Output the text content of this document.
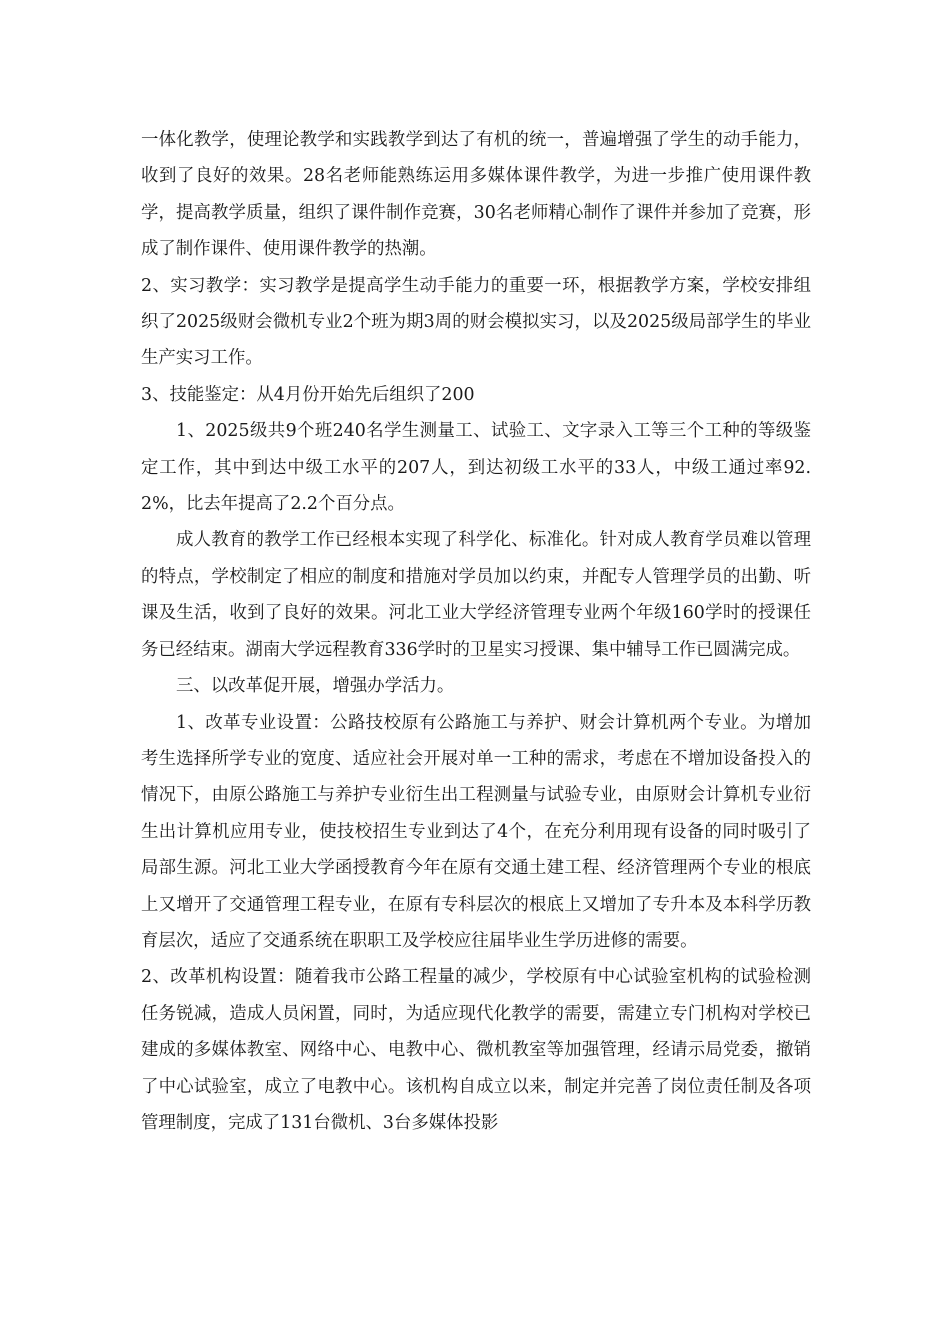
一体化教学，使理论教学和实践教学到达了有机的统一，普遍增强了学生的动手能力，收到了良好的效果。28名老师能熟练运用多媒体课件教学，为进一步推广使用课件教学，提高教学质量，组织了课件制作竞赛，30名老师精心制作了课件并参加了竞赛，形成了制作课件、使用课件教学的热潮。

2、实习教学：实习教学是提高学生动手能力的重要一环，根据教学方案，学校安排组织了2025级财会微机专业2个班为期3周的财会模拟实习，以及2025级局部学生的毕业生产实习工作。

3、技能鉴定：从4月份开始先后组织了200

1、2025级共9个班240名学生测量工、试验工、文字录入工等三个工种的等级鉴定工作，其中到达中级工水平的207人，到达初级工水平的33人，中级工通过率92.2%，比去年提高了2.2个百分点。

成人教育的教学工作已经根本实现了科学化、标准化。针对成人教育学员难以管理的特点，学校制定了相应的制度和措施对学员加以约束，并配专人管理学员的出勤、听课及生活，收到了良好的效果。河北工业大学经济管理专业两个年级160学时的授课任务已经结束。湖南大学远程教育336学时的卫星实习授课、集中辅导工作已圆满完成。

三、以改革促开展，增强办学活力。

1、改革专业设置：公路技校原有公路施工与养护、财会计算机两个专业。为增加考生选择所学专业的宽度、适应社会开展对单一工种的需求，考虑在不增加设备投入的情况下，由原公路施工与养护专业衍生出工程测量与试验专业，由原财会计算机专业衍生出计算机应用专业，使技校招生专业到达了4个，在充分利用现有设备的同时吸引了局部生源。河北工业大学函授教育今年在原有交通土建工程、经济管理两个专业的根底上又增开了交通管理工程专业，在原有专科层次的根底上又增加了专升本及本科学历教育层次，适应了交通系统在职职工及学校应往届毕业生学历进修的需要。

2、改革机构设置：随着我市公路工程量的减少，学校原有中心试验室机构的试验检测任务锐减，造成人员闲置，同时，为适应现代化教学的需要，需建立专门机构对学校已建成的多媒体教室、网络中心、电教中心、微机教室等加强管理，经请示局党委，撤销了中心试验室，成立了电教中心。该机构自成立以来，制定并完善了岗位责任制及各项管理制度，完成了131台微机、3台多媒体投影
